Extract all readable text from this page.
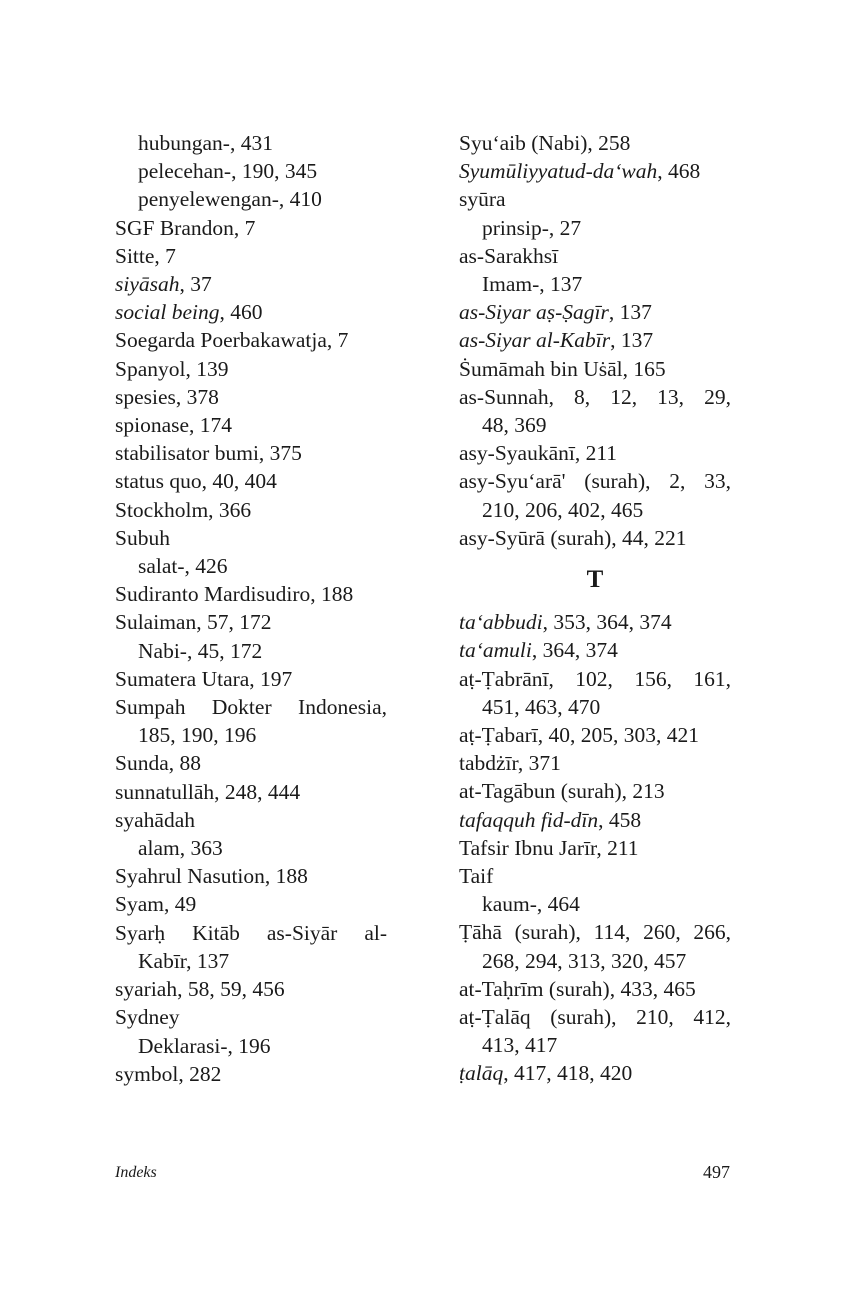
hubungan-, 431
pelecehan-, 190, 345
penyelewengan-, 410
SGF Brandon, 7
Sitte, 7
siyāsah, 37
social being, 460
Soegarda Poerbakawatja, 7
Spanyol, 139
spesies, 378
spionase, 174
stabilisator bumi, 375
status quo, 40, 404
Stockholm, 366
Subuh
salat-, 426
Sudiranto Mardisudiro, 188
Sulaiman, 57, 172
Nabi-, 45, 172
Sumatera Utara, 197
Sumpah Dokter Indonesia,
185, 190, 196
Sunda, 88
sunnatullāh, 248, 444
syahādah
alam, 363
Syahrul Nasution, 188
Syam, 49
Syarḥ Kitāb as-Siyār al-
Kabīr, 137
syariah, 58, 59, 456
Sydney
Deklarasi-, 196
symbol, 282
Syu‘aib (Nabi), 258
Syumūliyyatud-da‘wah, 468
syūra
prinsip-, 27
as-Sarakhsī
Imam-, 137
as-Siyar aṣ-Ṣagīr, 137
as-Siyar al-Kabīr, 137
Ṡumāmah bin Uṡāl, 165
as-Sunnah, 8, 12, 13, 29,
48, 369
asy-Syaukānī, 211
asy-Syu‘arā' (surah), 2, 33,
210, 206, 402, 465
asy-Syūrā (surah), 44, 221
T
ta‘abbudi, 353, 364, 374
ta‘amuli, 364, 374
aṭ-Ṭabrānī, 102, 156, 161,
451, 463, 470
aṭ-Ṭabarī, 40, 205, 303, 421
tabdżīr, 371
at-Tagābun (surah), 213
tafaqquh fid-dīn, 458
Tafsir Ibnu Jarīr, 211
Taif
kaum-, 464
Ṭāhā (surah), 114, 260, 266,
268, 294, 313, 320, 457
at-Taḥrīm (surah), 433, 465
aṭ-Ṭalāq (surah), 210, 412,
413, 417
ṭalāq, 417, 418, 420
Indeks	497
